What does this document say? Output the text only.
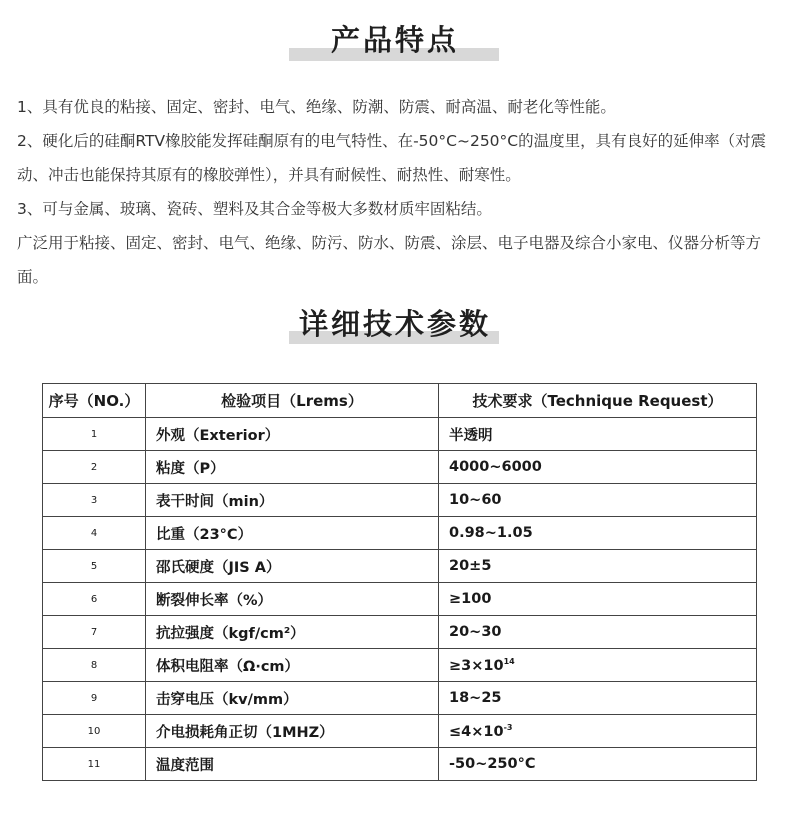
产品特点

1、具有优良的粘接、固定、密封、电气、绝缘、防潮、防震、耐高温、耐老化等性能。

2、硬化后的硅酮RTV橡胶能发挥硅酮原有的电气特性、在-50°C~250°C的温度里，具有良好的延伸率（对震动、冲击也能保持其原有的橡胶弹性），并具有耐候性、耐热性、耐寒性。

3、可与金属、玻璃、瓷砖、塑料及其合金等极大多数材质牢固粘结。

广泛用于粘接、固定、密封、电气、绝缘、防污、防水、防震、涂层、电子电器及综合小家电、仪器分析等方面。

详细技术参数
序号（NO.）	检验项目（Lrems）	技术要求（Technique Request）
1	外观（Exterior）	半透明
2	粘度（P）	4000~6000
3	表干时间（min）	10~60
4	比重（23°C）	0.98~1.05
5	邵氏硬度（JIS A）	20±5
6	断裂伸长率（%）	≥100
7	抗拉强度（kgf/cm²）	20~30
8	体积电阻率（Ω·cm）	$\ge 3\times 10^{14}$
9	击穿电压（kv/mm）	18~25
10	介电损耗角正切（1MHZ）	$\le 4\times 10^{-3}$
11	温度范围	-50~250°C
